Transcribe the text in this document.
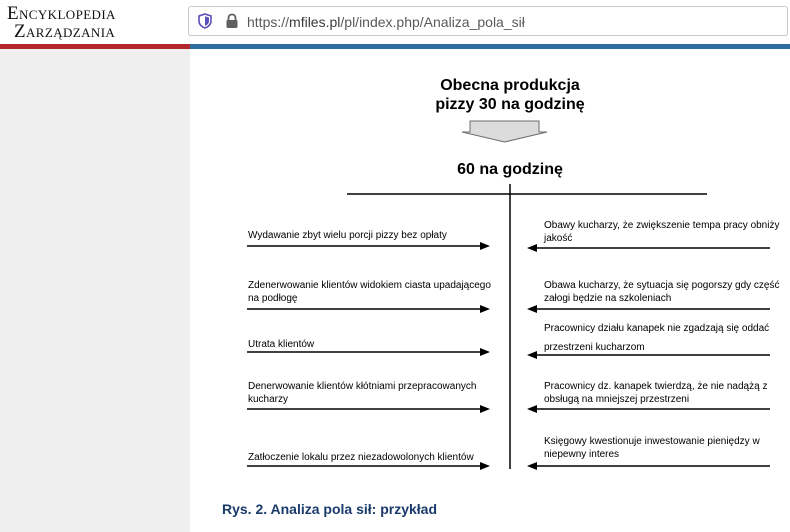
Encyklopedia

Zarządzania	https://mfiles.pl/pl/index.php/Analiza_pola_sił

Obecna produkcja
pizzy 30 na godzinę

60 na godzinę

Wydawanie zbyt wielu porcji pizzy bez opłaty

Zdenerwowanie klientów widokiem ciasta upadającego
na podłogę

Utrata klientów

Denerwowanie klientów kłótniami przepracowanych
kucharzy

Zatłoczenie lokalu przez niezadowolonych klientów

Obawy kucharzy, że zwiększenie tempa pracy obniży
jakość

Obawa kucharzy, że sytuacja się pogorszy gdy część
załogi będzie na szkoleniach

Pracownicy działu kanapek nie zgadzają się oddać

przestrzeni kucharzom

Pracownicy dz. kanapek twierdzą, że nie nadążą z
obsługą na mniejszej przestrzeni

Księgowy kwestionuje inwestowanie pieniędzy w
niepewny interes

Rys. 2. Analiza pola sił: przykład
